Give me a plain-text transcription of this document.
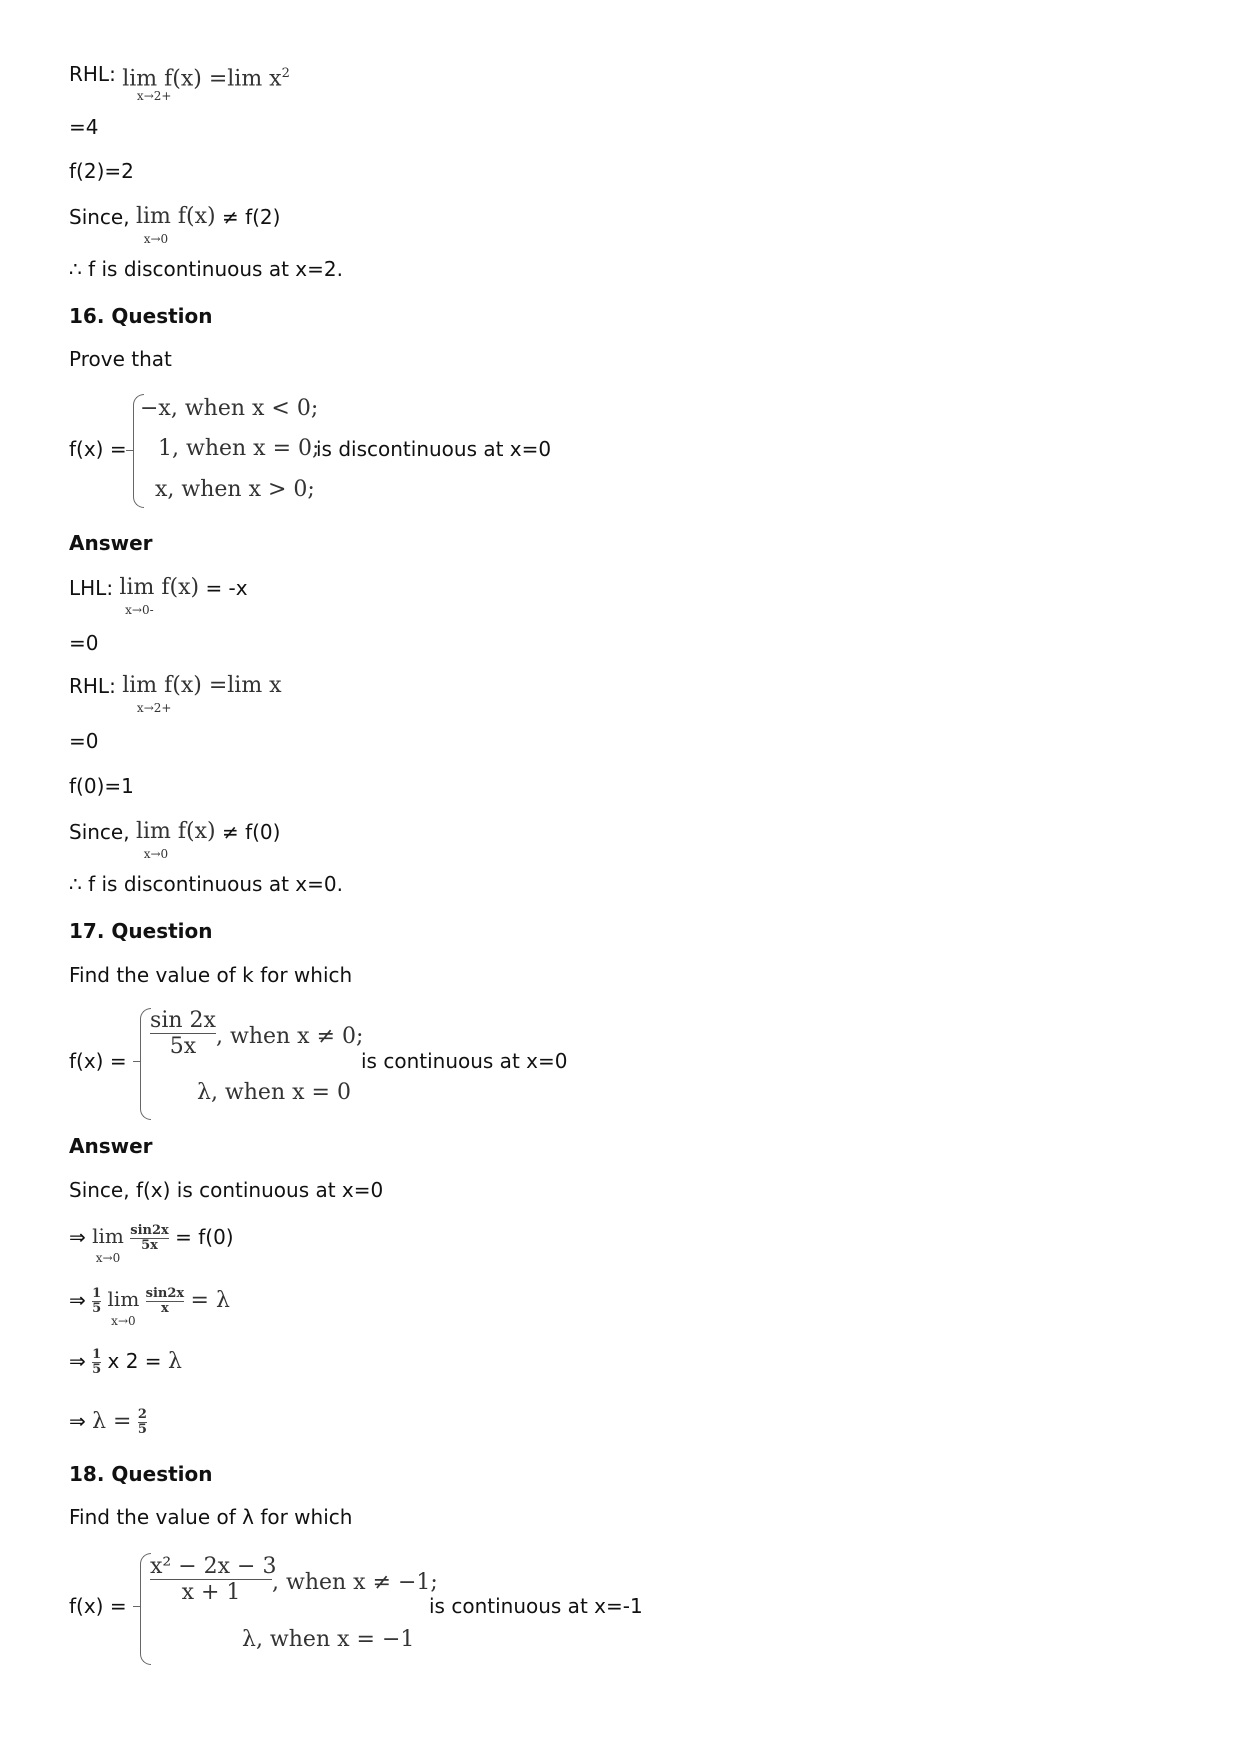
RHL: lim f(x) =lim $x^2$
x→2+
=4
f(2)=2
Since, lim f(x)
x→0
≠ f(2)
∴ f is discontinuous at x=2.
16. Question
Prove that
f(x) =
−x, when x < 0;
1, when x = 0;
x, when x > 0;
is discontinuous at x=0
Answer
LHL: lim f(x)
x→0-
= -x
=0
RHL: lim f(x) =lim x
x→2+
=0
f(0)=1
Since, lim f(x)
x→0
≠ f(0)
∴ f is discontinuous at x=0.
17. Question
Find the value of k for which
f(x) =
$\frac{\sin 2x}{5x}$ , when x ≠ 0;
λ, when x = 0
is continuous at x=0
Answer
Since, f(x) is continuous at x=0
⇒ lim
x→0

$\frac{\sin 2x}{5x} = f(0)$
⇒ $\frac{1}{5}$ lim
x→0

$\frac{\sin 2x}{x} = \lambda$
⇒ $\frac{1}{5}$ x 2 = λ
⇒ $\lambda = \frac{2}{5}$
18. Question
Find the value of λ for which
f(x) =
$\frac{\text{x² − 2x − 3}}{x + 1}$ , when x ≠ −1;
λ, when x = −1
is continuous at x=-1
